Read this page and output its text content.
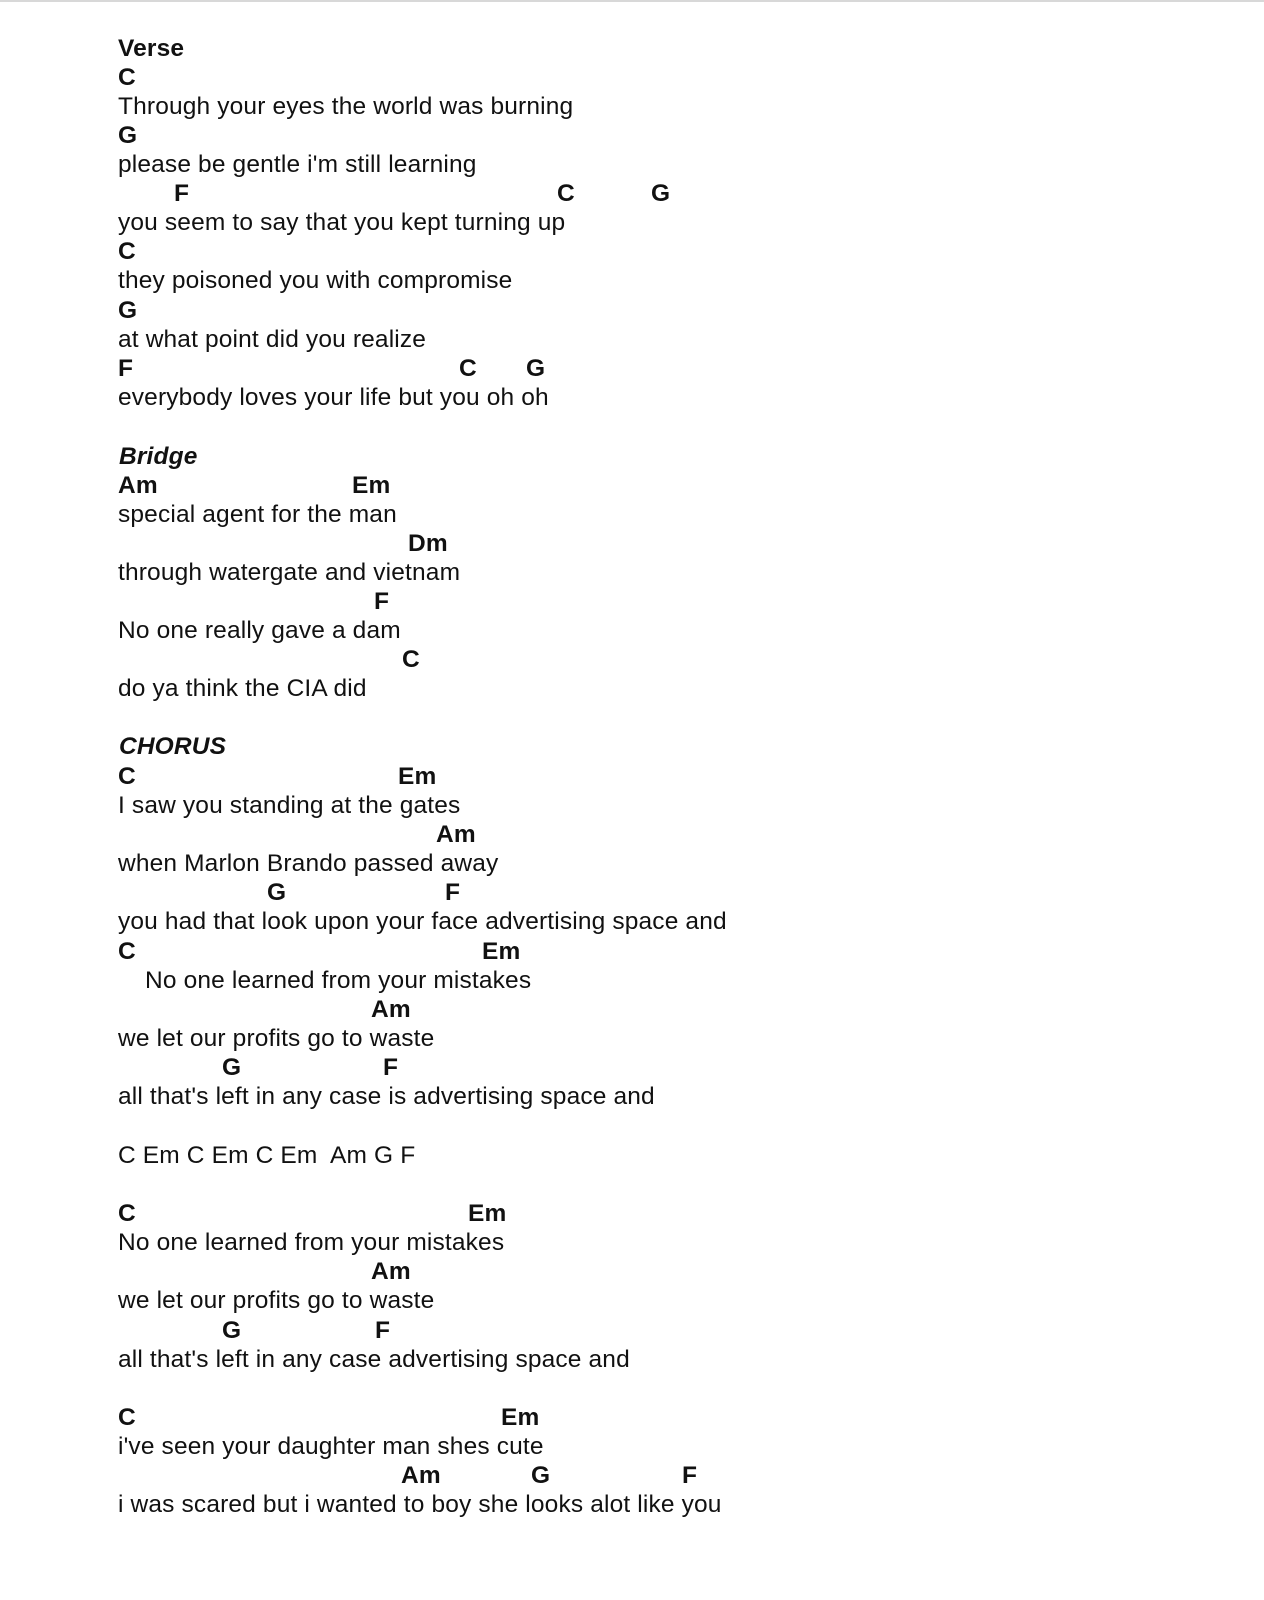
Verse
C
Through your eyes the world was burning
G
please be gentle i'm still learning
F	C	G
you seem to say that you kept turning up
C
they poisoned you with compromise
G
at what point did you realize
F	C G
everybody loves your life but you oh oh
Bridge
Am	Em
special agent for the man
Dm
through watergate and vietnam
F
No one really gave a dam
C
do ya think the CIA did
CHORUS
C	Em
I saw you standing at the gates
Am
when Marlon Brando passed away
G	F
you had that look upon your face advertising space and
C	Em
No one learned from your mistakes
Am
we let our profits go to waste
G	F
all that's left in any case is advertising space and
C Em C Em C Em  Am G F
C	Em
No one learned from your mistakes
Am
we let our profits go to waste
G	F
all that's left in any case advertising space and
C	Em
i've seen your daughter man shes cute
Am	G	F
i was scared but i wanted to boy she looks alot like you
